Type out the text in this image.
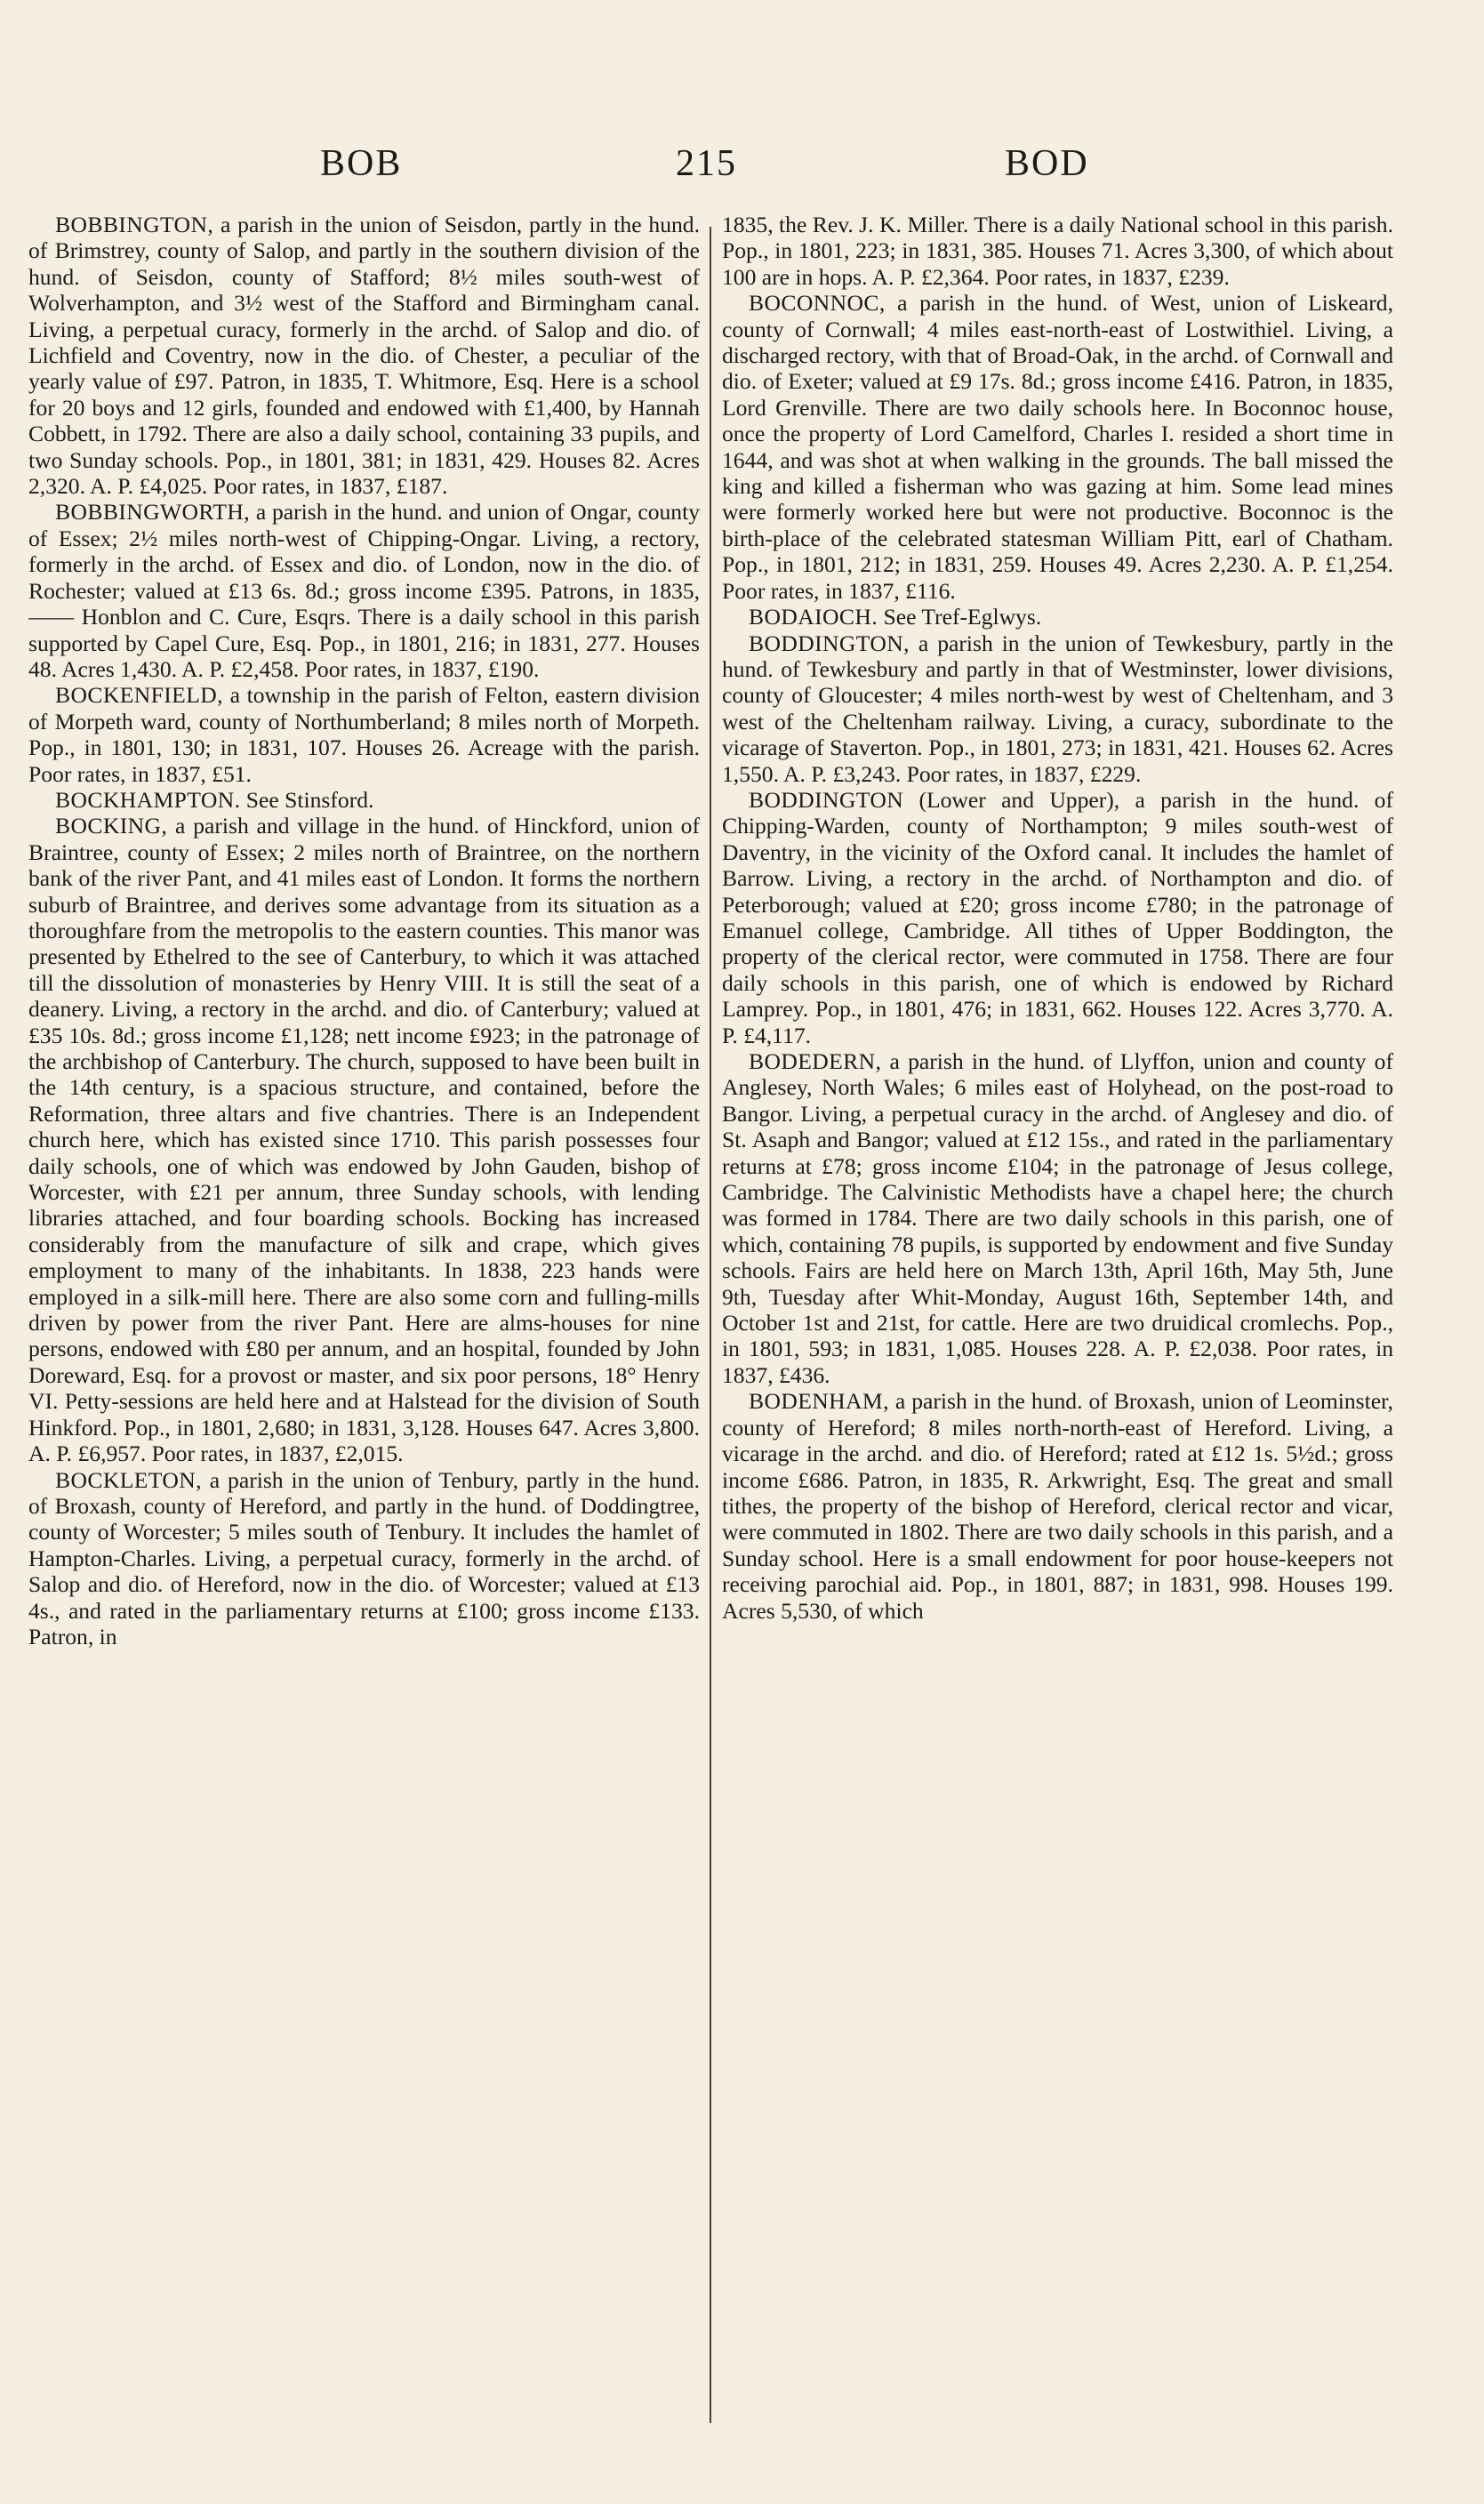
BOB	215	BOD

BOBBINGTON, a parish in the union of Seisdon, partly in the hund. of Brimstrey, county of Salop, and partly in the southern division of the hund. of Seisdon, county of Stafford; 8½ miles south-west of Wolverhampton, and 3½ west of the Stafford and Birmingham canal. Living, a perpetual curacy, formerly in the archd. of Salop and dio. of Lichfield and Coventry, now in the dio. of Chester, a peculiar of the yearly value of £97. Patron, in 1835, T. Whitmore, Esq. Here is a school for 20 boys and 12 girls, founded and endowed with £1,400, by Hannah Cobbett, in 1792. There are also a daily school, containing 33 pupils, and two Sunday schools. Pop., in 1801, 381; in 1831, 429. Houses 82. Acres 2,320. A. P. £4,025. Poor rates, in 1837, £187.

BOBBINGWORTH, a parish in the hund. and union of Ongar, county of Essex; 2½ miles north-west of Chipping-Ongar. Living, a rectory, formerly in the archd. of Essex and dio. of London, now in the dio. of Rochester; valued at £13 6s. 8d.; gross income £395. Patrons, in 1835, —— Honblon and C. Cure, Esqrs. There is a daily school in this parish supported by Capel Cure, Esq. Pop., in 1801, 216; in 1831, 277. Houses 48. Acres 1,430. A. P. £2,458. Poor rates, in 1837, £190.

BOCKENFIELD, a township in the parish of Felton, eastern division of Morpeth ward, county of Northumberland; 8 miles north of Morpeth. Pop., in 1801, 130; in 1831, 107. Houses 26. Acreage with the parish. Poor rates, in 1837, £51.

BOCKHAMPTON. See Stinsford.

BOCKING, a parish and village in the hund. of Hinckford, union of Braintree, county of Essex; 2 miles north of Braintree, on the northern bank of the river Pant, and 41 miles east of London. It forms the northern suburb of Braintree, and derives some advantage from its situation as a thoroughfare from the metropolis to the eastern counties. This manor was presented by Ethelred to the see of Canterbury, to which it was attached till the dissolution of monasteries by Henry VIII. It is still the seat of a deanery. Living, a rectory in the archd. and dio. of Canterbury; valued at £35 10s. 8d.; gross income £1,128; nett income £923; in the patronage of the archbishop of Canterbury. The church, supposed to have been built in the 14th century, is a spacious structure, and contained, before the Reformation, three altars and five chantries. There is an Independent church here, which has existed since 1710. This parish possesses four daily schools, one of which was endowed by John Gauden, bishop of Worcester, with £21 per annum, three Sunday schools, with lending libraries attached, and four boarding schools. Bocking has increased considerably from the manufacture of silk and crape, which gives employment to many of the inhabitants. In 1838, 223 hands were employed in a silk-mill here. There are also some corn and fulling-mills driven by power from the river Pant. Here are alms-houses for nine persons, endowed with £80 per annum, and an hospital, founded by John Doreward, Esq. for a provost or master, and six poor persons, 18° Henry VI. Petty-sessions are held here and at Halstead for the division of South Hinkford. Pop., in 1801, 2,680; in 1831, 3,128. Houses 647. Acres 3,800. A. P. £6,957. Poor rates, in 1837, £2,015.

BOCKLETON, a parish in the union of Tenbury, partly in the hund. of Broxash, county of Hereford, and partly in the hund. of Doddingtree, county of Worcester; 5 miles south of Tenbury. It includes the hamlet of Hampton-Charles. Living, a perpetual curacy, formerly in the archd. of Salop and dio. of Hereford, now in the dio. of Worcester; valued at £13 4s., and rated in the parliamentary returns at £100; gross income £133. Patron, in

1835, the Rev. J. K. Miller. There is a daily National school in this parish. Pop., in 1801, 223; in 1831, 385. Houses 71. Acres 3,300, of which about 100 are in hops. A. P. £2,364. Poor rates, in 1837, £239.

BOCONNOC, a parish in the hund. of West, union of Liskeard, county of Cornwall; 4 miles east-north-east of Lostwithiel. Living, a discharged rectory, with that of Broad-Oak, in the archd. of Cornwall and dio. of Exeter; valued at £9 17s. 8d.; gross income £416. Patron, in 1835, Lord Grenville. There are two daily schools here. In Boconnoc house, once the property of Lord Camelford, Charles I. resided a short time in 1644, and was shot at when walking in the grounds. The ball missed the king and killed a fisherman who was gazing at him. Some lead mines were formerly worked here but were not productive. Boconnoc is the birth-place of the celebrated statesman William Pitt, earl of Chatham. Pop., in 1801, 212; in 1831, 259. Houses 49. Acres 2,230. A. P. £1,254. Poor rates, in 1837, £116.

BODAIOCH. See Tref-Eglwys.

BODDINGTON, a parish in the union of Tewkesbury, partly in the hund. of Tewkesbury and partly in that of Westminster, lower divisions, county of Gloucester; 4 miles north-west by west of Cheltenham, and 3 west of the Cheltenham railway. Living, a curacy, subordinate to the vicarage of Staverton. Pop., in 1801, 273; in 1831, 421. Houses 62. Acres 1,550. A. P. £3,243. Poor rates, in 1837, £229.

BODDINGTON (Lower and Upper), a parish in the hund. of Chipping-Warden, county of Northampton; 9 miles south-west of Daventry, in the vicinity of the Oxford canal. It includes the hamlet of Barrow. Living, a rectory in the archd. of Northampton and dio. of Peterborough; valued at £20; gross income £780; in the patronage of Emanuel college, Cambridge. All tithes of Upper Boddington, the property of the clerical rector, were commuted in 1758. There are four daily schools in this parish, one of which is endowed by Richard Lamprey. Pop., in 1801, 476; in 1831, 662. Houses 122. Acres 3,770. A. P. £4,117.

BODEDERN, a parish in the hund. of Llyffon, union and county of Anglesey, North Wales; 6 miles east of Holyhead, on the post-road to Bangor. Living, a perpetual curacy in the archd. of Anglesey and dio. of St. Asaph and Bangor; valued at £12 15s., and rated in the parliamentary returns at £78; gross income £104; in the patronage of Jesus college, Cambridge. The Calvinistic Methodists have a chapel here; the church was formed in 1784. There are two daily schools in this parish, one of which, containing 78 pupils, is supported by endowment and five Sunday schools. Fairs are held here on March 13th, April 16th, May 5th, June 9th, Tuesday after Whit-Monday, August 16th, September 14th, and October 1st and 21st, for cattle. Here are two druidical cromlechs. Pop., in 1801, 593; in 1831, 1,085. Houses 228. A. P. £2,038. Poor rates, in 1837, £436.

BODENHAM, a parish in the hund. of Broxash, union of Leominster, county of Hereford; 8 miles north-north-east of Hereford. Living, a vicarage in the archd. and dio. of Hereford; rated at £12 1s. 5½d.; gross income £686. Patron, in 1835, R. Arkwright, Esq. The great and small tithes, the property of the bishop of Hereford, clerical rector and vicar, were commuted in 1802. There are two daily schools in this parish, and a Sunday school. Here is a small endowment for poor house-keepers not receiving parochial aid. Pop., in 1801, 887; in 1831, 998. Houses 199. Acres 5,530, of which
